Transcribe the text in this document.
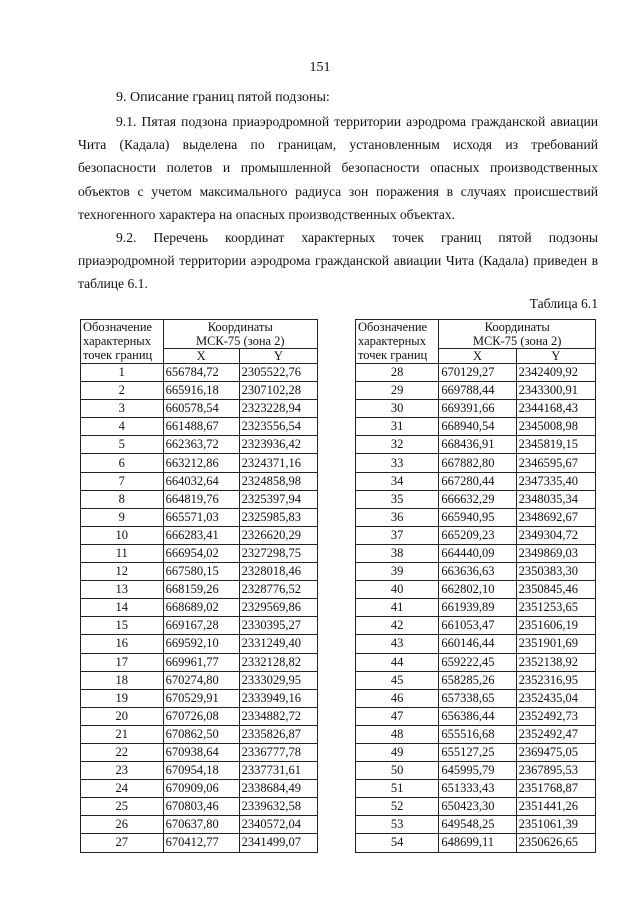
151
9. Описание границ пятой подзоны:

9.1. Пятая подзона приаэродромной территории аэродрома гражданской авиации Чита (Кадала) выделена по границам, установленным исходя из требований безопасности полетов и промышленной безопасности опасных производственных объектов с учетом максимального радиуса зон поражения в случаях происшествий техногенного характера на опасных производственных объектах.

9.2. Перечень координат характерных точек границ пятой подзоны приаэродромной территории аэродрома гражданской авиации Чита (Кадала) приведен в таблице 6.1.

Таблица 6.1
Обозначение
характерных
точек границ	Координаты
МСК-75 (зона 2)	

	X	Y
1	656784,72	2305522,76
2	665916,18	2307102,28
3	660578,54	2323228,94
4	661488,67	2323556,54
5	662363,72	2323936,42
6	663212,86	2324371,16
7	664032,64	2324858,98
8	664819,76	2325397,94
9	665571,03	2325985,83
10	666283,41	2326620,29
11	666954,02	2327298,75
12	667580,15	2328018,46
13	668159,26	2328776,52
14	668689,02	2329569,86
15	669167,28	2330395,27
16	669592,10	2331249,40
17	669961,77	2332128,82
18	670274,80	2333029,95
19	670529,91	2333949,16
20	670726,08	2334882,72
21	670862,50	2335826,87
22	670938,64	2336777,78
23	670954,18	2337731,61
24	670909,06	2338684,49
25	670803,46	2339632,58
26	670637,80	2340572,04
27	670412,77	2341499,07
Обозначение
характерных
точек границ	Координаты
МСК-75 (зона 2)	

	X	Y
28	670129,27	2342409,92
29	669788,44	2343300,91
30	669391,66	2344168,43
31	668940,54	2345008,98
32	668436,91	2345819,15
33	667882,80	2346595,67
34	667280,44	2347335,40
35	666632,29	2348035,34
36	665940,95	2348692,67
37	665209,23	2349304,72
38	664440,09	2349869,03
39	663636,63	2350383,30
40	662802,10	2350845,46
41	661939,89	2351253,65
42	661053,47	2351606,19
43	660146,44	2351901,69
44	659222,45	2352138,92
45	658285,26	2352316,95
46	657338,65	2352435,04
47	656386,44	2352492,73
48	655516,68	2352492,47
49	655127,25	2369475,05
50	645995,79	2367895,53
51	651333,43	2351768,87
52	650423,30	2351441,26
53	649548,25	2351061,39
54	648699,11	2350626,65
